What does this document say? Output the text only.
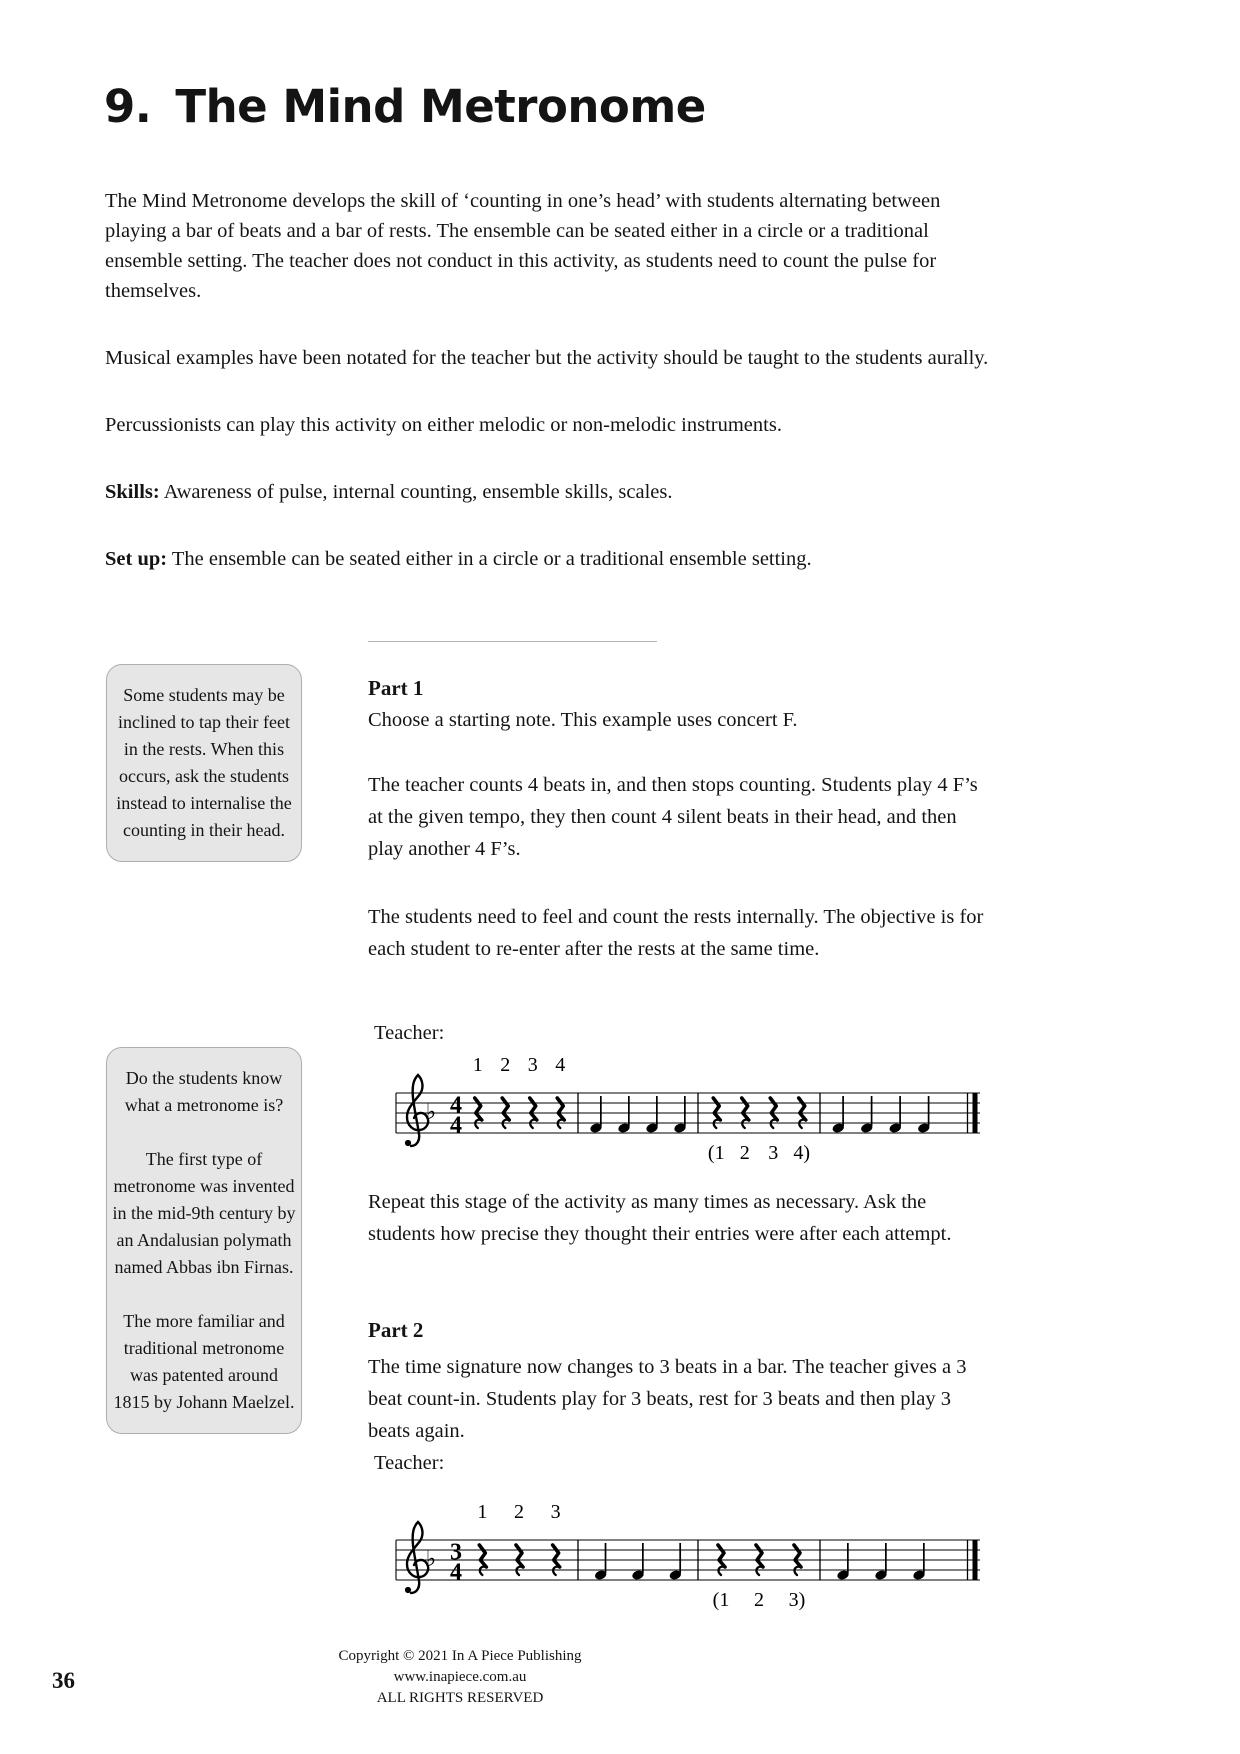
9. The Mind Metronome

The Mind Metronome develops the skill of ‘counting in one’s head’ with students alternating between playing a bar of beats and a bar of rests. The ensemble can be seated either in a circle or a traditional ensemble setting. The teacher does not conduct in this activity, as students need to count the pulse for themselves.

Musical examples have been notated for the teacher but the activity should be taught to the students aurally.

Percussionists can play this activity on either melodic or non-melodic instruments.

Skills: Awareness of pulse, internal counting, ensemble skills, scales.

Set up: The ensemble can be seated either in a circle or a traditional ensemble setting.

Some students may be inclined to tap their feet in the rests. When this occurs, ask the students instead to internalise the counting in their head.

Do the students know what a metronome is?

The first type of metronome was invented in the mid-9th century by an Andalusian polymath named Abbas ibn Firnas.

The more familiar and traditional metronome was patented around 1815 by Johann Maelzel.

Part 1
Choose a starting note. This example uses concert F.
The teacher counts 4 beats in, and then stops counting. Students play 4 F’s at the given tempo, they then count 4 silent beats in their head, and then play another 4 F’s.
The students need to feel and count the rests internally. The objective is for each student to re-enter after the rests at the same time.
Teacher:
♭ 4
4
1 2 3 4
(1 2 3 4)
Repeat this stage of the activity as many times as necessary. Ask the students how precise they thought their entries were after each attempt.
Part 2
The time signature now changes to 3 beats in a bar. The teacher gives a 3 beat count-in. Students play for 3 beats, rest for 3 beats and then play 3 beats again.
Teacher:
♭ 3
4
1 2 3
(1 2 3)
36
Copyright © 2021 In A Piece Publishing
www.inapiece.com.au
ALL RIGHTS RESERVED
